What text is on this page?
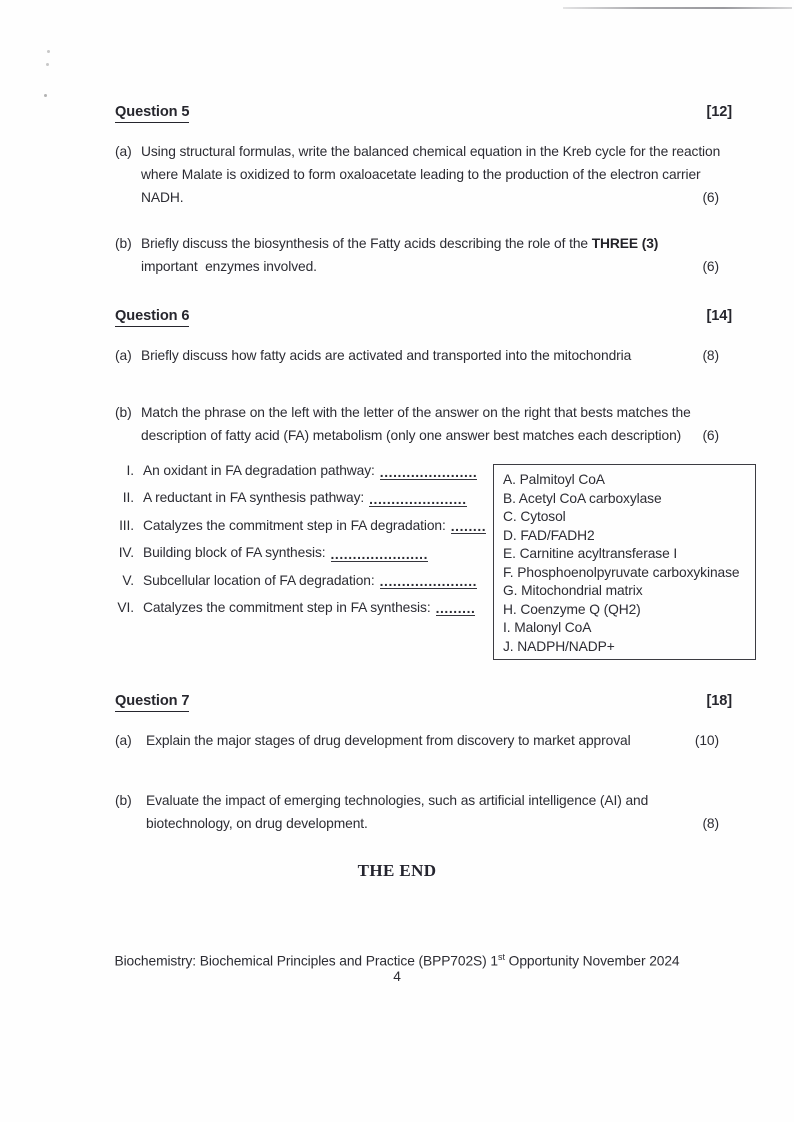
Question 5	[12]
(a) Using structural formulas, write the balanced chemical equation in the Kreb cycle for the reaction
where Malate is oxidized to form oxaloacetate leading to the production of the electron carrier
NADH.	(6)
(b) Briefly discuss the biosynthesis of the Fatty acids describing the role of the THREE (3)
important  enzymes involved.	(6)
Question 6	[14]
(a) Briefly discuss how fatty acids are activated and transported into the mitochondria	(8)
(b) Match the phrase on the left with the letter of the answer on the right that bests matches the
description of fatty acid (FA) metabolism (only one answer best matches each description)	(6)
I. An oxidant in FA degradation pathway: ......................
II. A reductant in FA synthesis pathway: ......................
III. Catalyzes the commitment step in FA degradation: ........
IV. Building block of FA synthesis: ......................
V. Subcellular location of FA degradation: ......................
VI. Catalyzes the commitment step in FA synthesis: .........
A. Palmitoyl CoA
B. Acetyl CoA carboxylase
C. Cytosol
D. FAD/FADH2
E. Carnitine acyltransferase I
F. Phosphoenolpyruvate carboxykinase
G. Mitochondrial matrix
H. Coenzyme Q (QH2)
I. Malonyl CoA
J. NADPH/NADP+
Question 7	[18]
(a)	Explain the major stages of drug development from discovery to market approval	(10)
(b)	Evaluate the impact of emerging technologies, such as artificial intelligence (AI) and
biotechnology, on drug development.	(8)
THE END
Biochemistry: Biochemical Principles and Practice (BPP702S) 1st Opportunity November 2024
4
